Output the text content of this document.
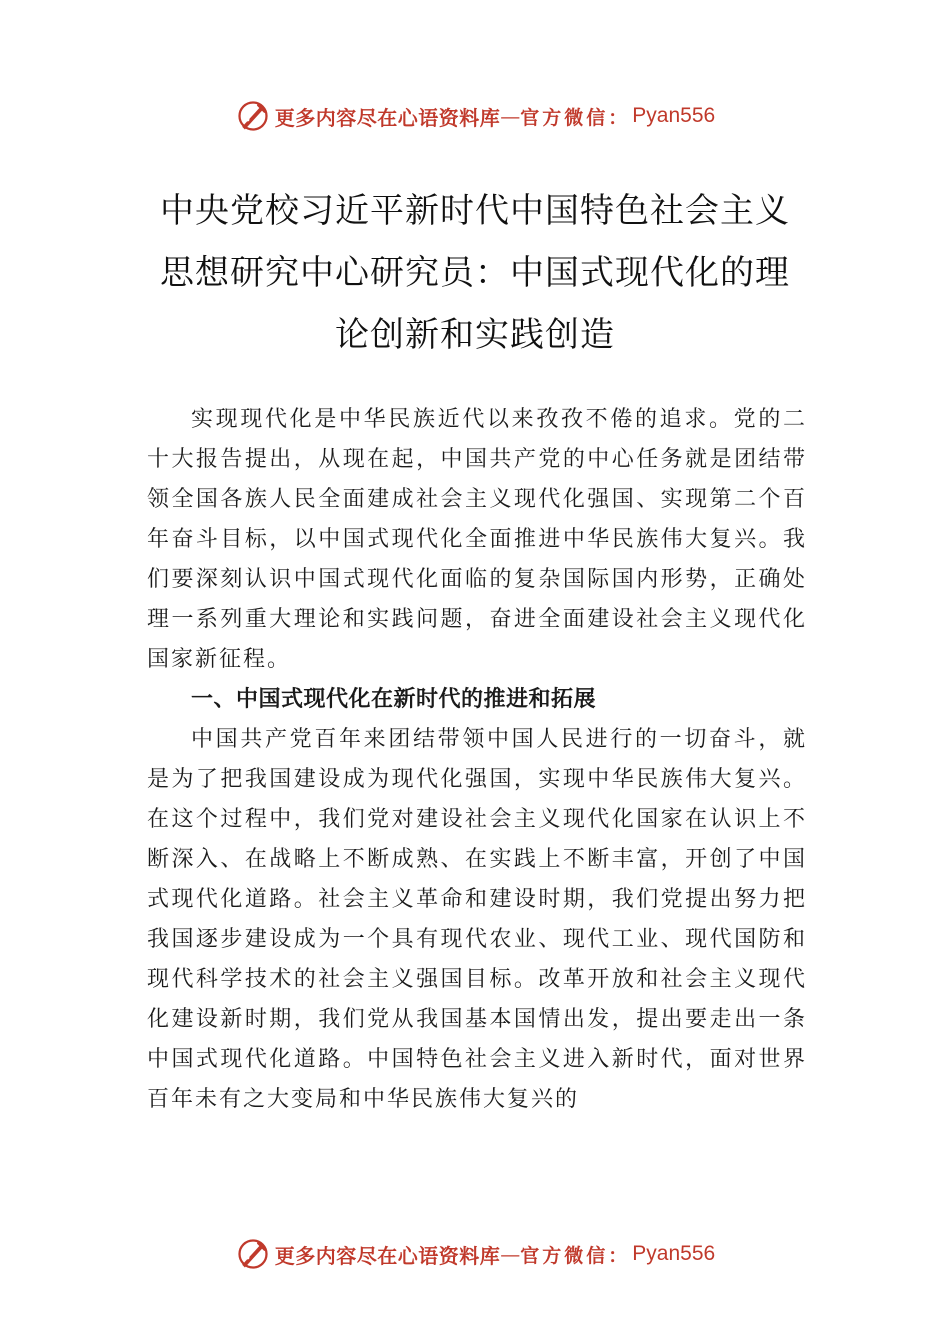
更多内容尽在心语资料库 — 官方微信： Pyan556
中央党校习近平新时代中国特色社会主义思想研究中心研究员：中国式现代化的理论创新和实践创造

实现现代化是中华民族近代以来孜孜不倦的追求。党的二十大报告提出，从现在起，中国共产党的中心任务就是团结带领全国各族人民全面建成社会主义现代化强国、实现第二个百年奋斗目标，以中国式现代化全面推进中华民族伟大复兴。我们要深刻认识中国式现代化面临的复杂国际国内形势，正确处理一系列重大理论和实践问题，奋进全面建设社会主义现代化国家新征程。

一、中国式现代化在新时代的推进和拓展

中国共产党百年来团结带领中国人民进行的一切奋斗，就是为了把我国建设成为现代化强国，实现中华民族伟大复兴。在这个过程中，我们党对建设社会主义现代化国家在认识上不断深入、在战略上不断成熟、在实践上不断丰富，开创了中国式现代化道路。社会主义革命和建设时期，我们党提出努力把我国逐步建设成为一个具有现代农业、现代工业、现代国防和现代科学技术的社会主义强国目标。改革开放和社会主义现代化建设新时期，我们党从我国基本国情出发，提出要走出一条中国式现代化道路。中国特色社会主义进入新时代，面对世界百年未有之大变局和中华民族伟大复兴的

更多内容尽在心语资料库 — 官方微信： Pyan556
